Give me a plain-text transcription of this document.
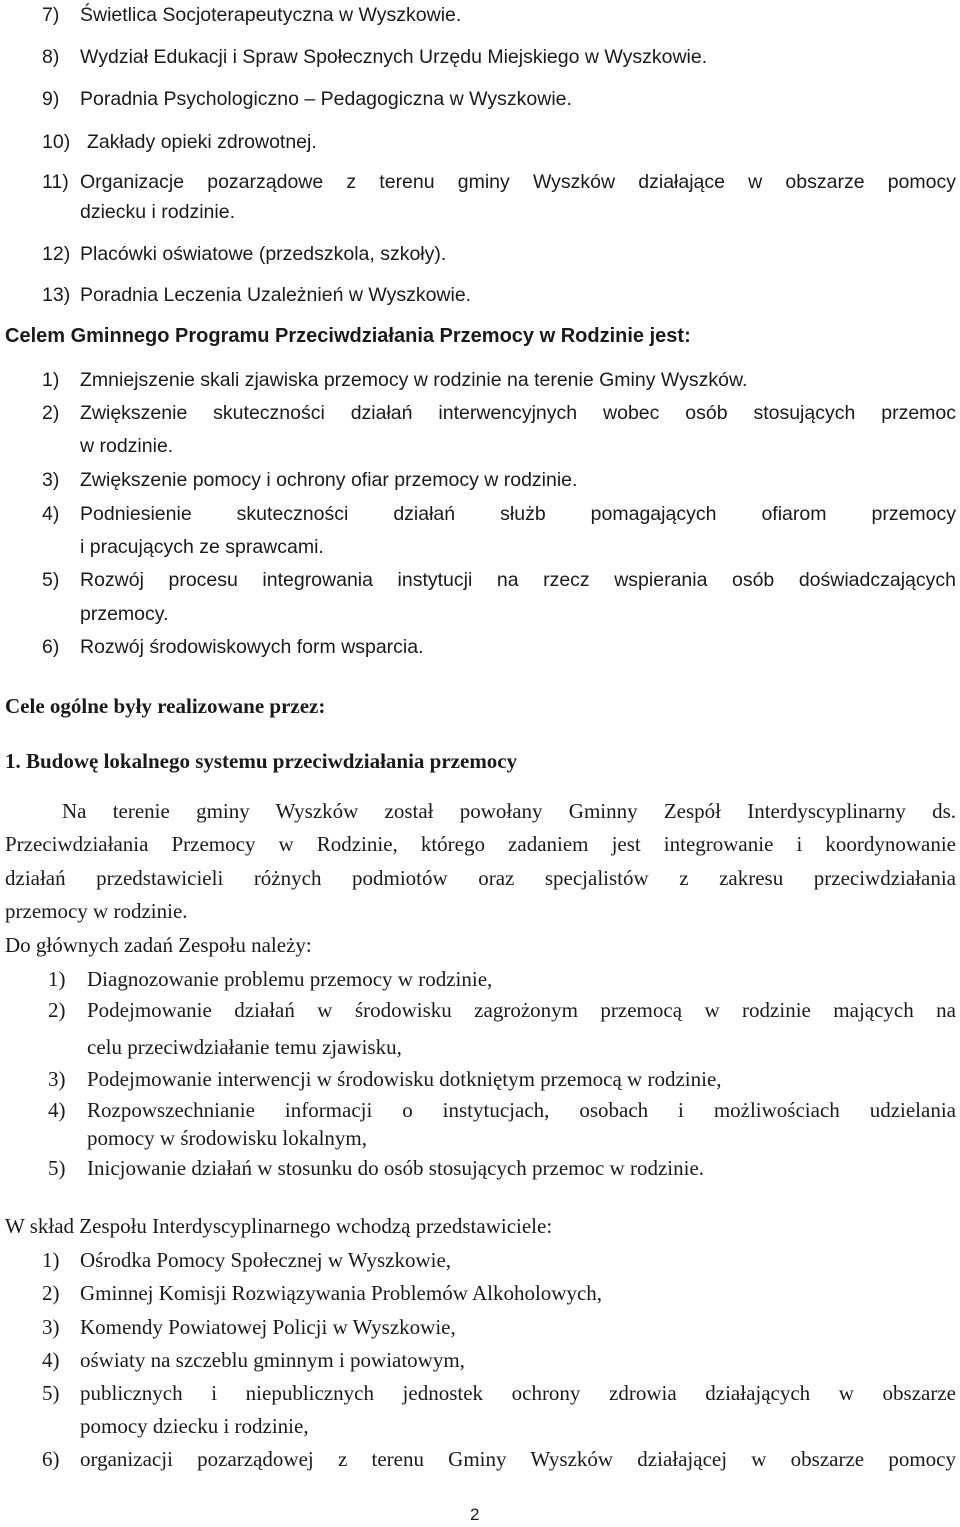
7) Świetlica Socjoterapeutyczna w Wyszkowie.
8) Wydział Edukacji i Spraw Społecznych Urzędu Miejskiego w Wyszkowie.
9) Poradnia Psychologiczno – Pedagogiczna w Wyszkowie.
10) Zakłady opieki zdrowotnej.
11) Organizacje pozarządowe z terenu gminy Wyszków działające w obszarze pomocy
dziecku i rodzinie.
12) Placówki oświatowe (przedszkola, szkoły).
13) Poradnia Leczenia Uzależnień w Wyszkowie.
Celem Gminnego Programu Przeciwdziałania Przemocy w Rodzinie jest:
1) Zmniejszenie skali zjawiska przemocy w rodzinie na terenie Gminy Wyszków.
2) Zwiększenie skuteczności działań interwencyjnych wobec osób stosujących przemoc
w rodzinie.
3) Zwiększenie pomocy i ochrony ofiar przemocy w rodzinie.
4) Podniesienie skuteczności działań służb pomagających ofiarom przemocy
i pracujących ze sprawcami.
5) Rozwój procesu integrowania instytucji na rzecz wspierania osób doświadczających
przemocy.
6) Rozwój środowiskowych form wsparcia.
Cele ogólne były realizowane przez:
1. Budowę lokalnego systemu przeciwdziałania przemocy
Na terenie gminy Wyszków został powołany Gminny Zespół Interdyscyplinarny ds.
Przeciwdziałania Przemocy w Rodzinie, którego zadaniem jest integrowanie i koordynowanie
działań przedstawicieli różnych podmiotów oraz specjalistów z zakresu przeciwdziałania
przemocy w rodzinie.
Do głównych zadań Zespołu należy:
1) Diagnozowanie problemu przemocy w rodzinie,
2) Podejmowanie działań w środowisku zagrożonym przemocą w rodzinie mających na
celu przeciwdziałanie temu zjawisku,
3) Podejmowanie interwencji w środowisku dotkniętym przemocą w rodzinie,
4) Rozpowszechnianie informacji o instytucjach, osobach i możliwościach udzielania
pomocy w środowisku lokalnym,
5) Inicjowanie działań w stosunku do osób stosujących przemoc w rodzinie.
W skład Zespołu Interdyscyplinarnego wchodzą przedstawiciele:
1) Ośrodka Pomocy Społecznej w Wyszkowie,
2) Gminnej Komisji Rozwiązywania Problemów Alkoholowych,
3) Komendy Powiatowej Policji w Wyszkowie,
4) oświaty na szczeblu gminnym i powiatowym,
5) publicznych i niepublicznych jednostek ochrony zdrowia działających w obszarze
pomocy dziecku i rodzinie,
6) organizacji pozarządowej z terenu Gminy Wyszków działającej w obszarze pomocy
2
